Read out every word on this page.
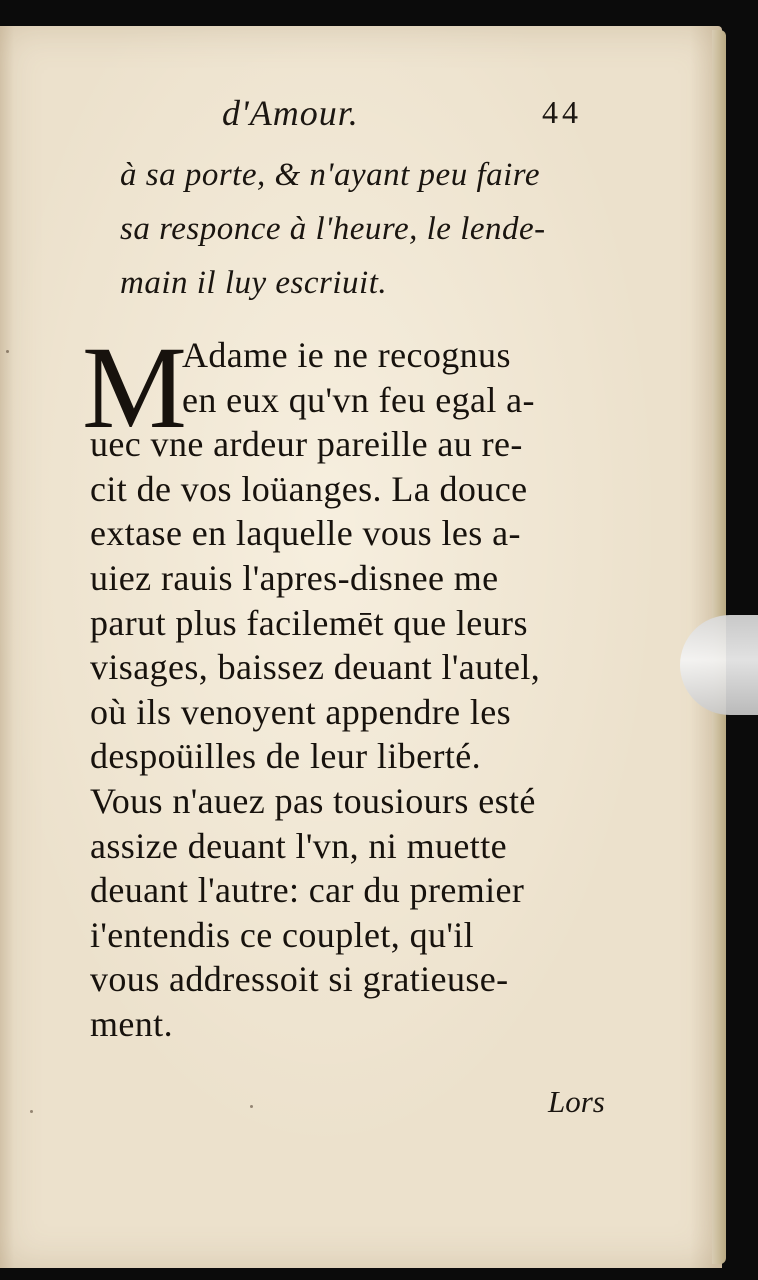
d'Amour.	44
à sa porte, & n'ayant peu faire
sa responce à l'heure, le lende-
main il luy escriuit.
M
Adame ie ne recognus
en eux qu'vn feu egal a-
uec vne ardeur pareille au re-
cit de vos loüanges. La douce
extase en laquelle vous les a-
uiez rauis l'apres-disnee me
parut plus facilemēt que leurs
visages, baissez deuant l'autel,
où ils venoyent appendre les
despoüilles de leur liberté.
Vous n'auez pas tousiours esté
assize deuant l'vn, ni muette
deuant l'autre: car du premier
i'entendis ce couplet, qu'il
vous addressoit si gratieuse-
ment.
Lors
